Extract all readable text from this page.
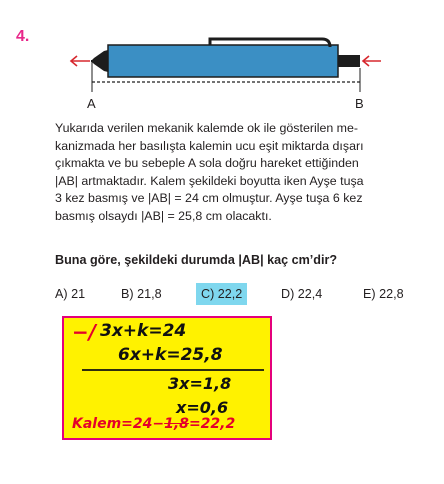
4.
A	B
Yukarıda verilen mekanik kalemde ok ile gösterilen me-
kanizmada her basılışta kalemin ucu eşit miktarda dışarı
çıkmakta ve bu sebeple A sola doğru hareket ettiğinden
|AB| artmaktadır. Kalem şekildeki boyutta iken Ayşe tuşa
3 kez basmış ve |AB| = 24 cm olmuştur. Ayşe tuşa 6 kez
basmış olsaydı |AB| = 25,8 cm olacaktı.
Buna göre, şekildeki durumda |AB| kaç cm’dir?
A) 21	B) 21,8	C) 22,2	D) 22,4	E) 22,8
−/ 3x+k=24
6x+k=25,8
3x=1,8
x=0,6
Kalem=24−1,8=22,2
